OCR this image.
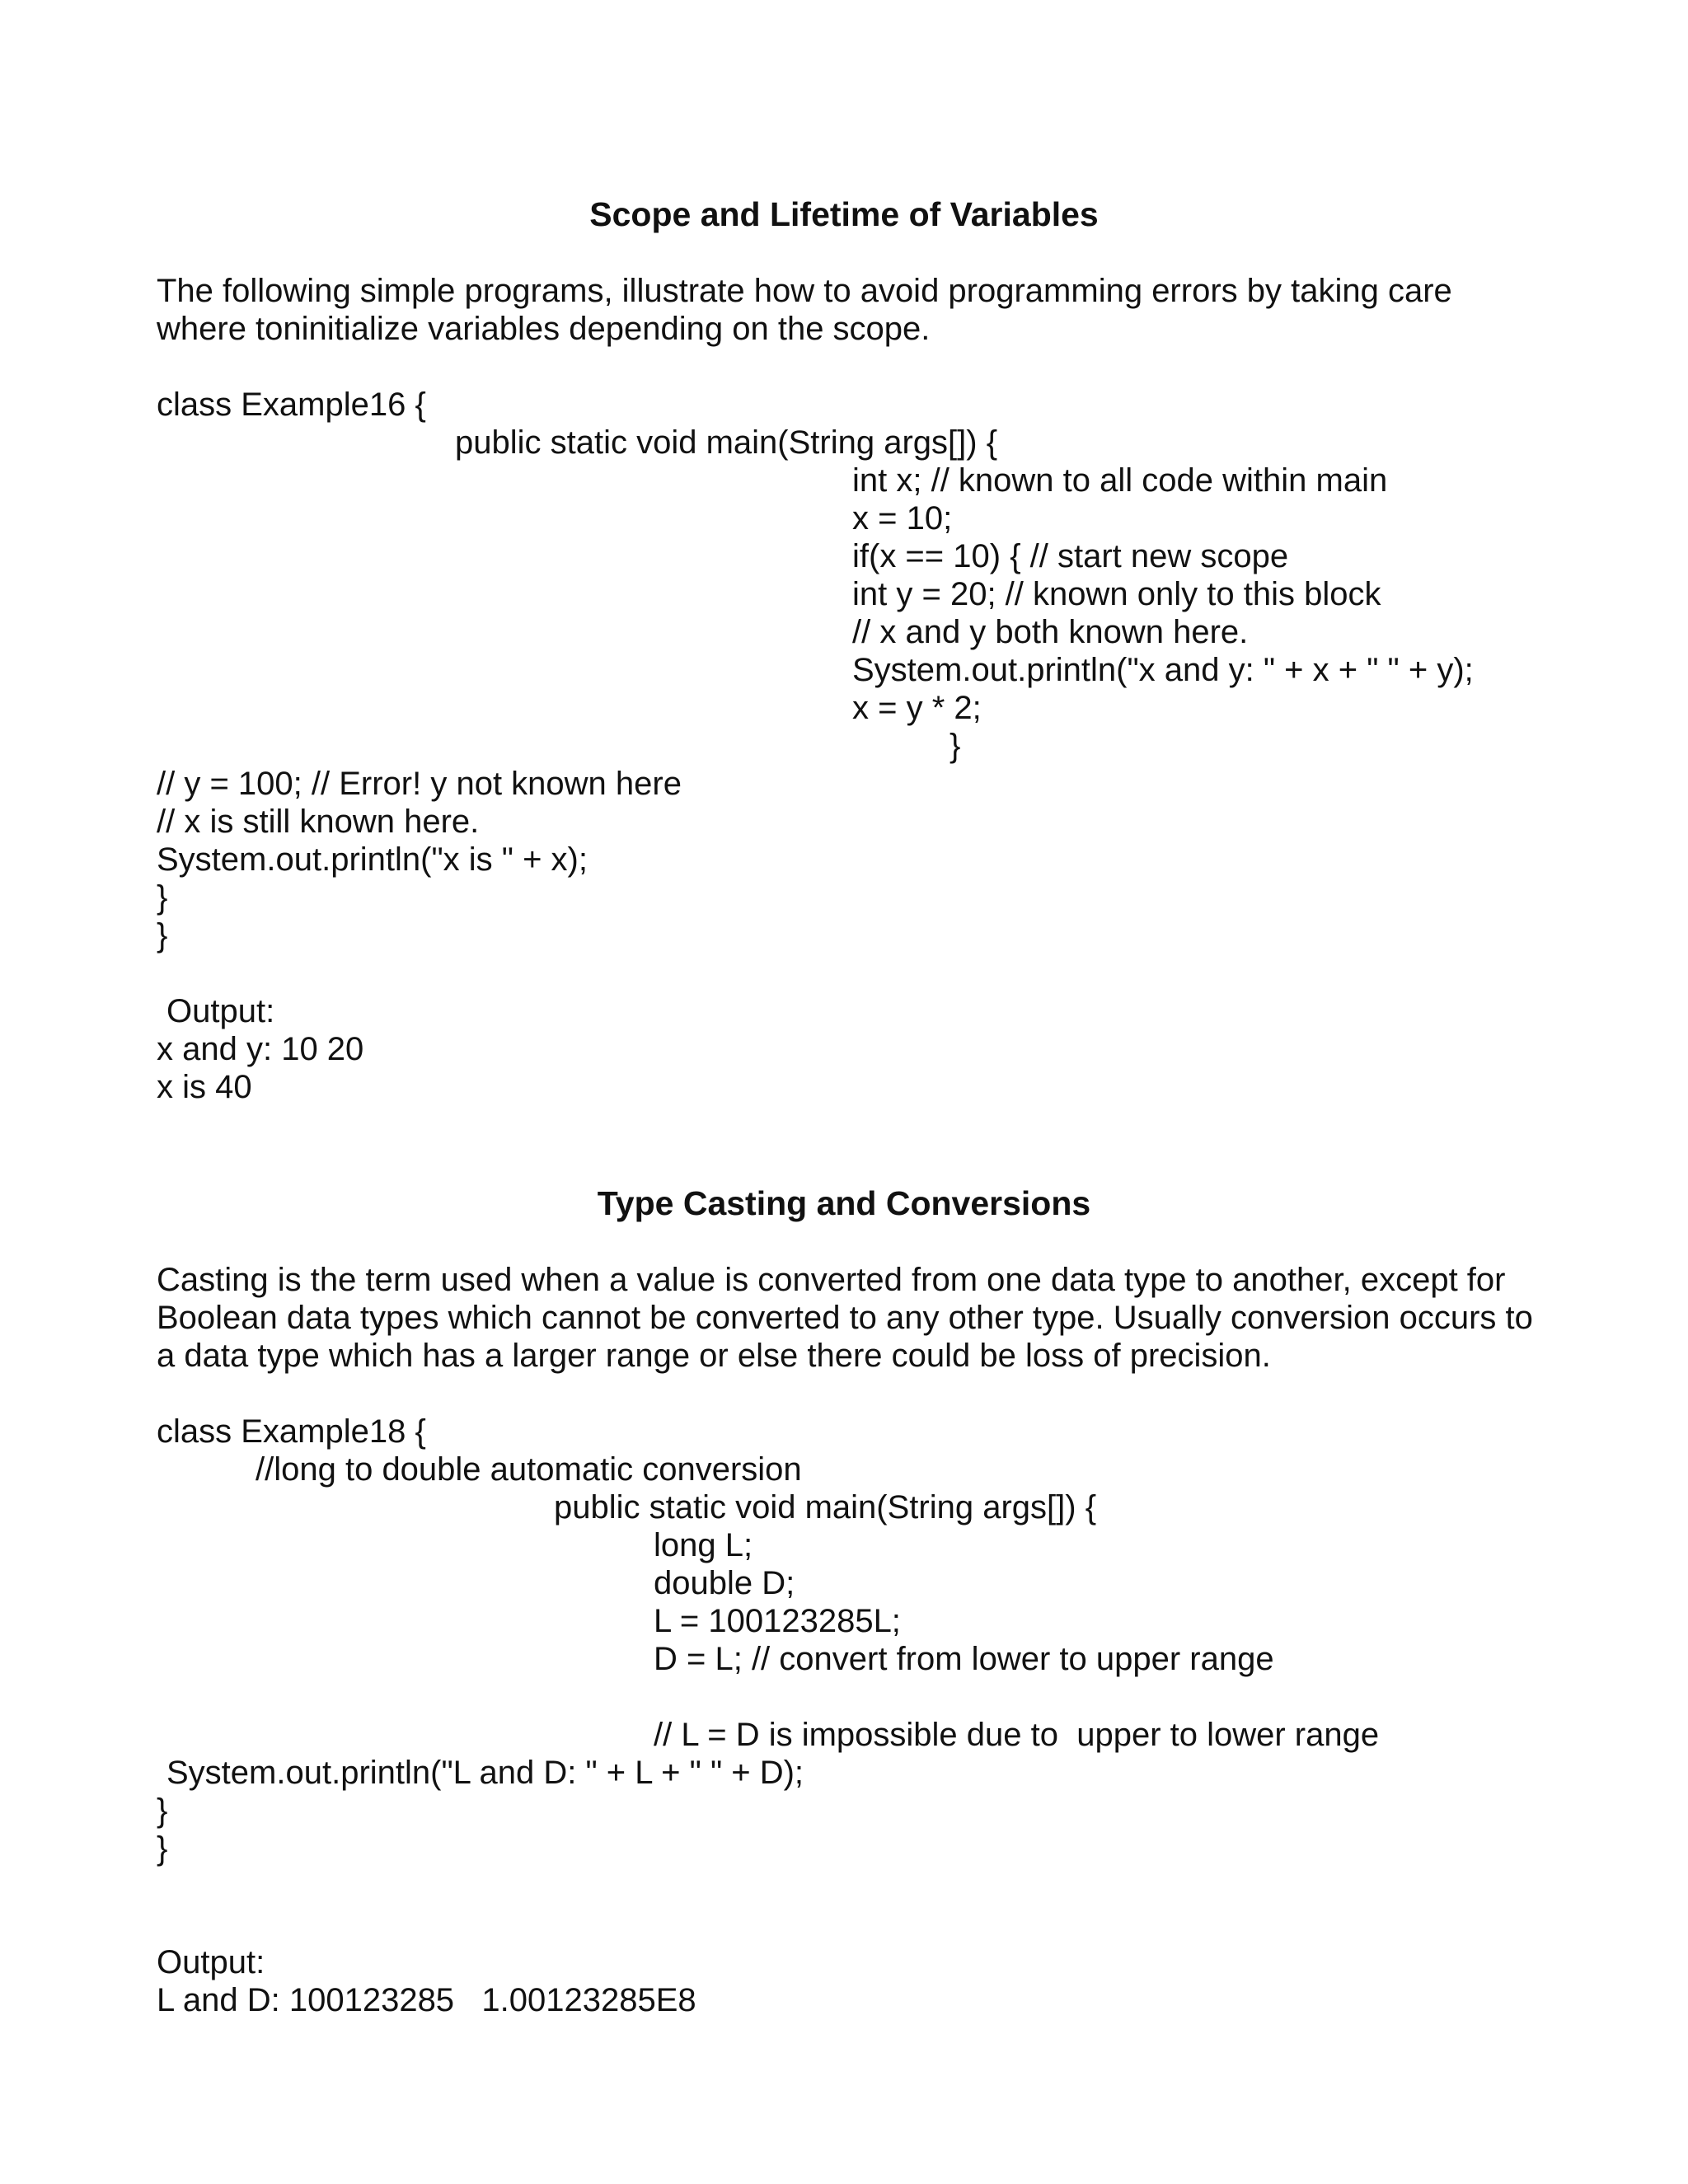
Scope and Lifetime of Variables

The following simple programs, illustrate how to avoid programming errors by taking care where toninitialize variables depending on the scope.

class Example16 {
public static void main(String args[]) {
int x; // known to all code within main
x = 10;
if(x == 10) { // start new scope
int y = 20; // known only to this block
// x and y both known here.
System.out.println("x and y: " + x + " " + y);
x = y * 2;
}
// y = 100; // Error! y not known here
// x is still known here.
System.out.println("x is " + x);
}
}
Output:
x and y: 10 20
x is 40
Type Casting and Conversions

Casting is the term used when a value is converted from one data type to another, except for Boolean data types which cannot be converted to any other type. Usually conversion occurs to a data type which has a larger range or else there could be loss of precision.

class Example18 {
//long to double automatic conversion
public static void main(String args[]) {
long L;
double D;
L = 100123285L;
D = L; // convert from lower to upper range
// L = D is impossible due to  upper to lower range
System.out.println("L and D: " + L + " " + D);
}
}
Output:
L and D: 100123285   1.00123285E8
